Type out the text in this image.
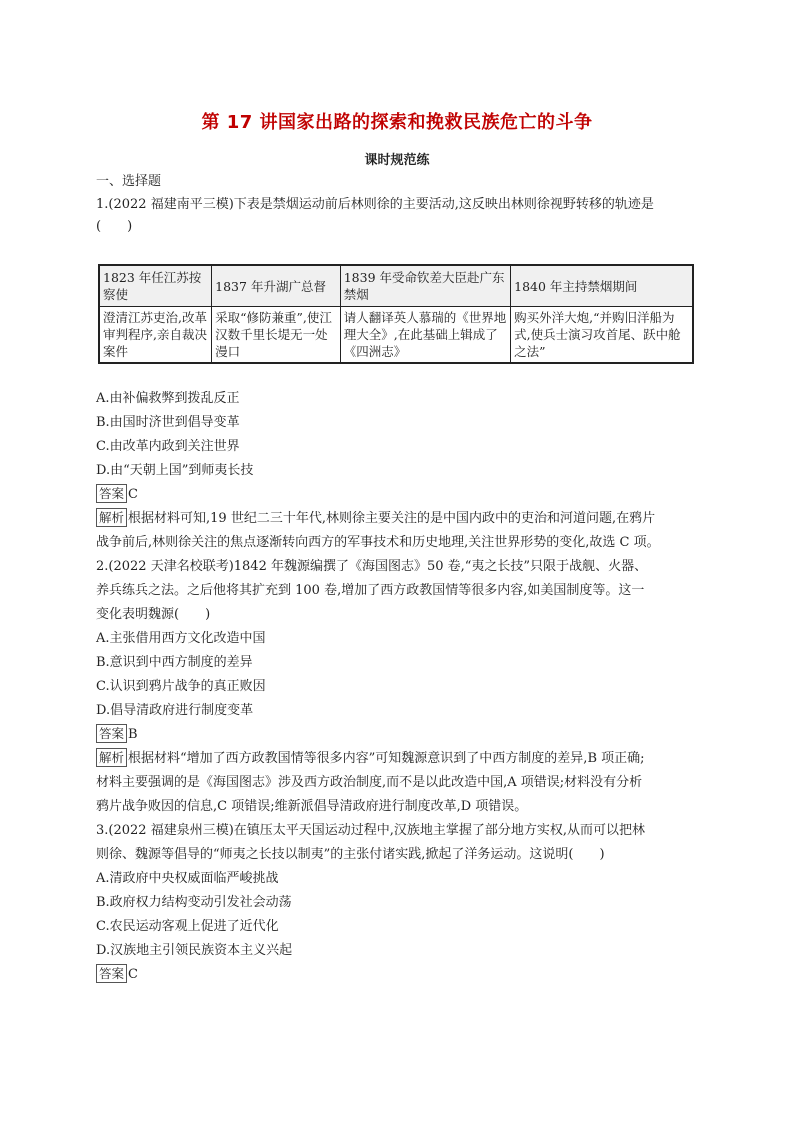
第 17 讲国家出路的探索和挽救民族危亡的斗争
课时规范练
一、选择题
1.(2022 福建南平三模)下表是禁烟运动前后林则徐的主要活动,这反映出林则徐视野转移的轨迹是
(　　)
1823 年任江苏按察使	1837 年升湖广总督	1839 年受命钦差大臣赴广东禁烟	1840 年主持禁烟期间
澄清江苏吏治,改革审判程序,亲自裁决案件	采取“修防兼重”,使江汉数千里长堤无一处漫口	请人翻译英人慕瑞的《世界地理大全》,在此基础上辑成了《四洲志》	购买外洋大炮,“并购旧洋船为式,使兵士演习攻首尾、跃中舱之法”
A.由补偏救弊到拨乱反正
B.由国时济世到倡导变革
C.由改革内政到关注世界
D.由“天朝上国”到师夷长技
答案 C
解析 根据材料可知,19 世纪二三十年代,林则徐主要关注的是中国内政中的吏治和河道问题,在鸦片
战争前后,林则徐关注的焦点逐渐转向西方的军事技术和历史地理,关注世界形势的变化,故选 C 项。
2.(2022 天津名校联考)1842 年魏源编撰了《海国图志》50 卷,“夷之长技”只限于战舰、火器、
养兵练兵之法。之后他将其扩充到 100 卷,增加了西方政教国情等很多内容,如美国制度等。这一
变化表明魏源(　　)
A.主张借用西方文化改造中国
B.意识到中西方制度的差异
C.认识到鸦片战争的真正败因
D.倡导清政府进行制度变革
答案 B
解析 根据材料“增加了西方政教国情等很多内容”可知魏源意识到了中西方制度的差异,B 项正确;
材料主要强调的是《海国图志》涉及西方政治制度,而不是以此改造中国,A 项错误;材料没有分析
鸦片战争败因的信息,C 项错误;维新派倡导清政府进行制度改革,D 项错误。
3.(2022 福建泉州三模)在镇压太平天国运动过程中,汉族地主掌握了部分地方实权,从而可以把林
则徐、魏源等倡导的“师夷之长技以制夷”的主张付诸实践,掀起了洋务运动。这说明(　　)
A.清政府中央权威面临严峻挑战
B.政府权力结构变动引发社会动荡
C.农民运动客观上促进了近代化
D.汉族地主引领民族资本主义兴起
答案 C
